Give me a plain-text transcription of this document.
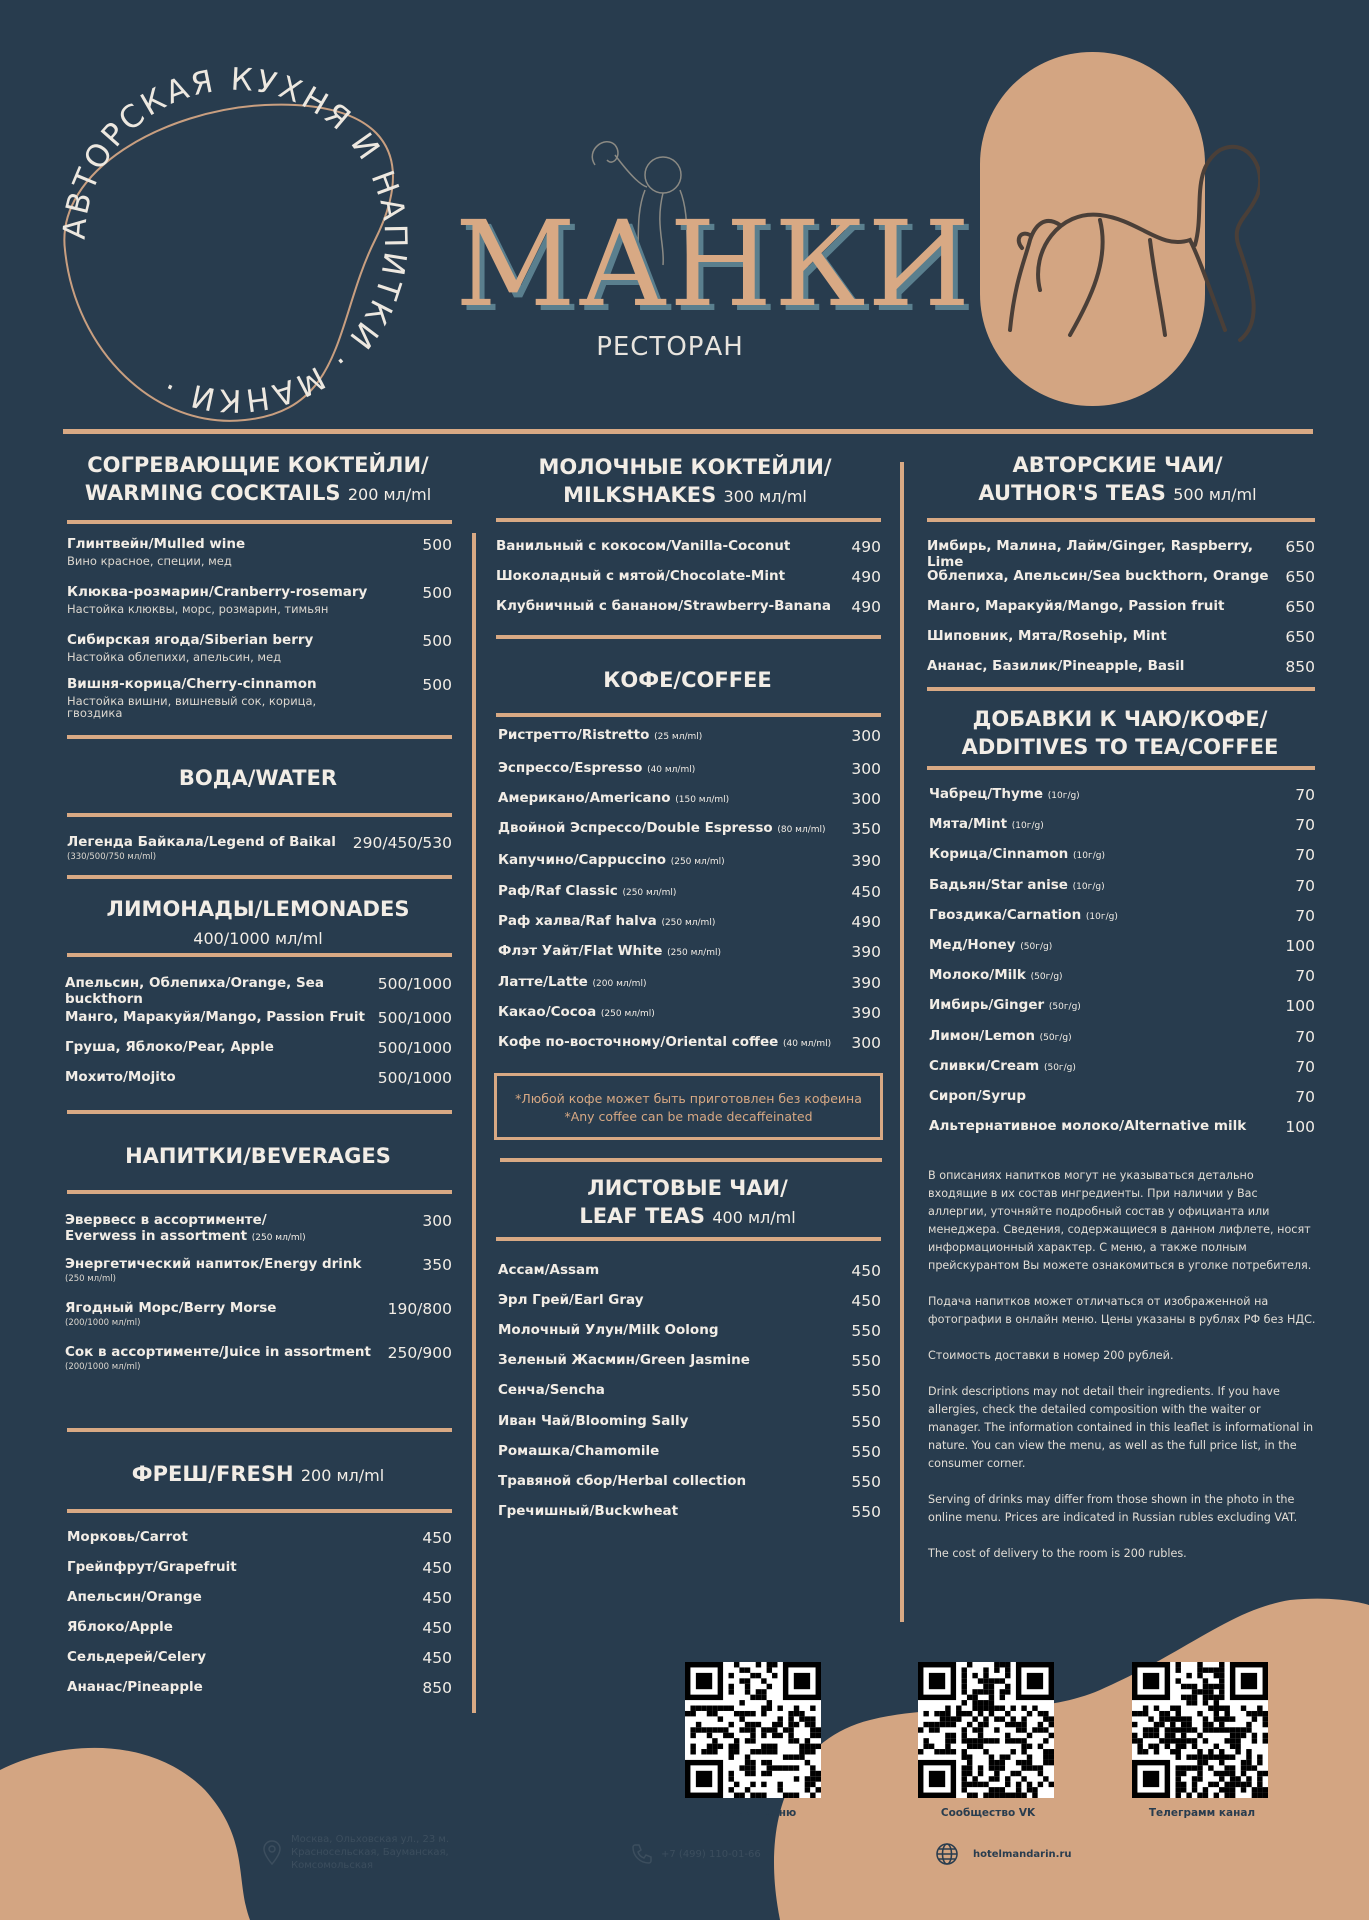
АВТОРСКАЯ КУХНЯ И НАПИТКИ · МАНКИ ·
МАНКИ
РЕСТОРАН
СОГРЕВАЮЩИЕ КОКТЕЙЛИ/
WARMING COCKTAILS 200 мл/ml
Глинтвейн/Mulled wine
Вино красное, специи, мед
500
Клюква-розмарин/Cranberry-rosemary
Настойка клюквы, морс, розмарин, тимьян
500
Сибирская ягода/Siberian berry
Настойка облепихи, апельсин, мед
500
Вишня-корица/Cherry-cinnamon
Настойка вишни, вишневый сок, корица, гвоздика
500
ВОДА/WATER
Легенда Байкала/Legend of Baikal
(330/500/750 мл/ml)
290/450/530
ЛИМОНАДЫ/LEMONADES
400/1000 мл/ml
Апельсин, Облепиха/Orange, Sea buckthorn
500/1000
Манго, Маракуйя/Mango, Passion Fruit 500/1000
Груша, Яблоко/Pear, Apple	500/1000
Мохито/Mojito	500/1000
НАПИТКИ/BEVERAGES
Эвервесс в ассортименте/
Everwess in assortment (250 мл/ml)
300
Энергетический напиток/Energy drink
(250 мл/ml)
350
Ягодный Морс/Berry Morse
(200/1000 мл/ml)
190/800
Сок в ассортименте/Juice in assortment
(200/1000 мл/ml)
250/900
ФРЕШ/FRESH 200 мл/ml
Морковь/Carrot	450
Грейпфрут/Grapefruit	450
Апельсин/Orange	450
Яблоко/Apple	450
Сельдерей/Celery	450
Ананас/Pineapple	850
МОЛОЧНЫЕ КОКТЕЙЛИ/
MILKSHAKES 300 мл/ml
Ванильный с кокосом/Vanilla-Coconut	490
Шоколадный с мятой/Chocolate-Mint	490
Клубничный с бананом/Strawberry-Banana 490
КОФЕ/COFFEE
Ристретто/Ristretto (25 мл/ml)	300
Эспрессо/Espresso (40 мл/ml)	300
Американо/Americano (150 мл/ml)	300
Двойной Эспрессо/Double Espresso (80 мл/ml) 350
Капучино/Cappuccino (250 мл/ml)	390
Раф/Raf Classic (250 мл/ml)	450
Раф халва/Raf halva (250 мл/ml)	490
Флэт Уайт/Flat White (250 мл/ml)	390
Латте/Latte (200 мл/ml)	390
Какао/Cocoa (250 мл/ml)	390
Кофе по-восточному/Oriental coffee (40 мл/ml) 300
*Любой кофе может быть приготовлен без кофеина
*Any coffee can be made decaffeinated
ЛИСТОВЫЕ ЧАИ/
LEAF TEAS 400 мл/ml
Ассам/Assam	450
Эрл Грей/Earl Gray	450
Молочный Улун/Milk Oolong	550
Зеленый Жасмин/Green Jasmine	550
Сенча/Sencha	550
Иван Чай/Blooming Sally	550
Ромашка/Chamomile	550
Травяной сбор/Herbal collection	550
Гречишный/Buckwheat	550
АВТОРСКИЕ ЧАИ/
AUTHOR'S TEAS 500 мл/ml
Имбирь, Малина, Лайм/Ginger, Raspberry, Lime
650
Облепиха, Апельсин/Sea buckthorn, Orange 650
Манго, Маракуйя/Mango, Passion fruit	650
Шиповник, Мята/Rosehip, Mint	650
Ананас, Базилик/Pineapple, Basil	850
ДОБАВКИ К ЧАЮ/КОФЕ/
ADDITIVES TO TEA/COFFEE
Чабрец/Thyme (10г/g)	70
Мята/Mint (10г/g)	70
Корица/Cinnamon (10г/g)	70
Бадьян/Star anise (10г/g)	70
Гвоздика/Carnation (10г/g)	70
Мед/Honey (50г/g)	100
Молоко/Milk (50г/g)	70
Имбирь/Ginger (50г/g)	100
Лимон/Lemon (50г/g)	70
Сливки/Cream (50г/g)	70
Сироп/Syrup	70
Альтернативное молоко/Alternative milk	100

В описаниях напитков могут не указываться детально входящие в их состав ингредиенты. При наличии у Вас аллергии, уточняйте подробный состав у официанта или менеджера. Сведения, содержащиеся в данном лифлете, носят информационный характер. С меню, а также полным прейскурантом Вы можете ознакомиться в уголке потребителя.

Подача напитков может отличаться от изображенной на фотографии в онлайн меню. Цены указаны в рублях РФ без НДС.

Стоимость доставки в номер 200 рублей.

Drink descriptions may not detail their ingredients. If you have allergies, check the detailed composition with the waiter or manager. The information contained in this leaflet is informational in nature. You can view the menu, as well as the full price list, in the consumer corner.

Serving of drinks may differ from those shown in the photo in the online menu. Prices are indicated in Russian rubles excluding VAT.

The cost of delivery to the room is 200 rubles.

Онлайн меню	Сообщество VK	Телеграмм канал
Москва, Ольховская ул., 23 м. Красносельская, Бауманская, Комсомольская
+7 (499) 110-01-66	hotelmandarin.ru
